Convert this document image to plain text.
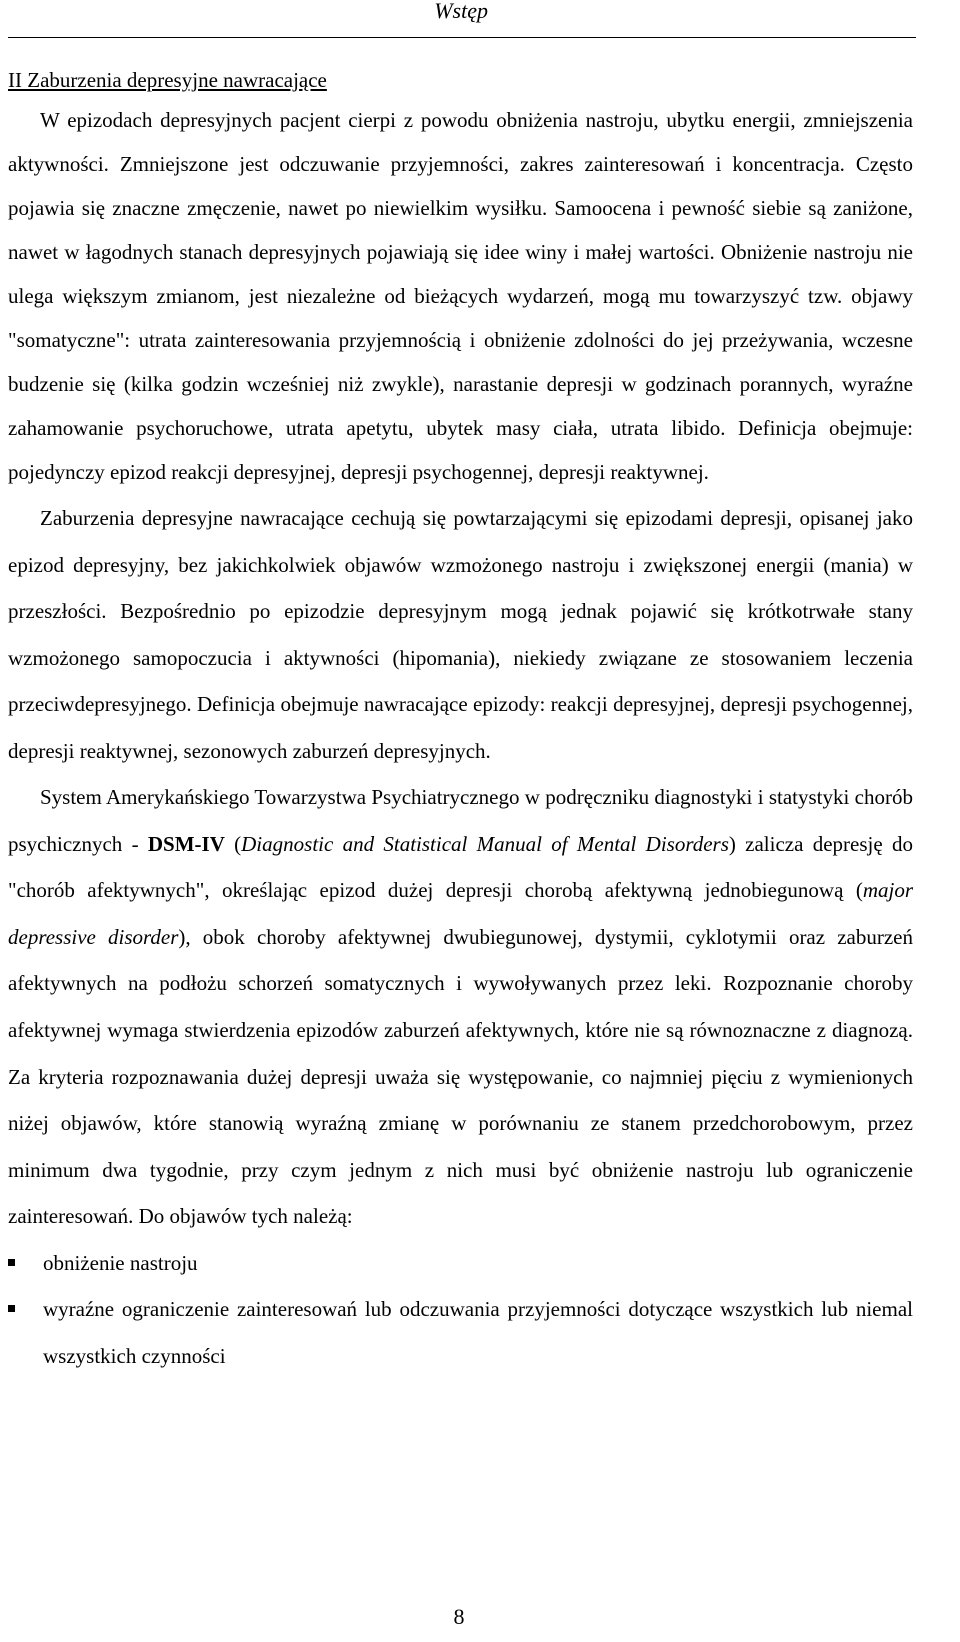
Wstęp
II Zaburzenia depresyjne nawracające

W epizodach depresyjnych pacjent cierpi z powodu obniżenia nastroju, ubytku energii, zmniejszenia aktywności. Zmniejszone jest odczuwanie przyjemności, zakres zainteresowań i koncentracja. Często pojawia się znaczne zmęczenie, nawet po niewielkim wysiłku. Samoocena i pewność siebie są zaniżone, nawet w łagodnych stanach depresyjnych pojawiają się idee winy i małej wartości. Obniżenie nastroju nie ulega większym zmianom, jest niezależne od bieżących wydarzeń, mogą mu towarzyszyć tzw. objawy "somatyczne": utrata zainteresowania przyjemnością i obniżenie zdolności do jej przeżywania, wczesne budzenie się (kilka godzin wcześniej niż zwykle), narastanie depresji w godzinach porannych, wyraźne zahamowanie psychoruchowe, utrata apetytu, ubytek masy ciała, utrata libido. Definicja obejmuje: pojedynczy epizod reakcji depresyjnej, depresji psychogennej, depresji reaktywnej.

Zaburzenia depresyjne nawracające cechują się powtarzającymi się epizodami depresji, opisanej jako epizod depresyjny, bez jakichkolwiek objawów wzmożonego nastroju i zwiększonej energii (mania) w przeszłości. Bezpośrednio po epizodzie depresyjnym mogą jednak pojawić się krótkotrwałe stany wzmożonego samopoczucia i aktywności (hipomania), niekiedy związane ze stosowaniem leczenia przeciwdepresyjnego. Definicja obejmuje nawracające epizody: reakcji depresyjnej, depresji psychogennej, depresji reaktywnej, sezonowych zaburzeń depresyjnych.

System Amerykańskiego Towarzystwa Psychiatrycznego w podręczniku diagnostyki i statystyki chorób psychicznych - DSM-IV (Diagnostic and Statistical Manual of Mental Disorders) zalicza depresję do "chorób afektywnych", określając epizod dużej depresji chorobą afektywną jednobiegunową (major depressive disorder), obok choroby afektywnej dwubiegunowej, dystymii, cyklotymii oraz zaburzeń afektywnych na podłożu schorzeń somatycznych i wywoływanych przez leki. Rozpoznanie choroby afektywnej wymaga stwierdzenia epizodów zaburzeń afektywnych, które nie są równoznaczne z diagnozą. Za kryteria rozpoznawania dużej depresji uważa się występowanie, co najmniej pięciu z wymienionych niżej objawów, które stanowią wyraźną zmianę w porównaniu ze stanem przedchorobowym, przez minimum dwa tygodnie, przy czym jednym z nich musi być obniżenie nastroju lub ograniczenie zainteresowań. Do objawów tych należą:

obniżenie nastroju
wyraźne ograniczenie zainteresowań lub odczuwania przyjemności dotyczące wszystkich lub niemal wszystkich czynności
8
